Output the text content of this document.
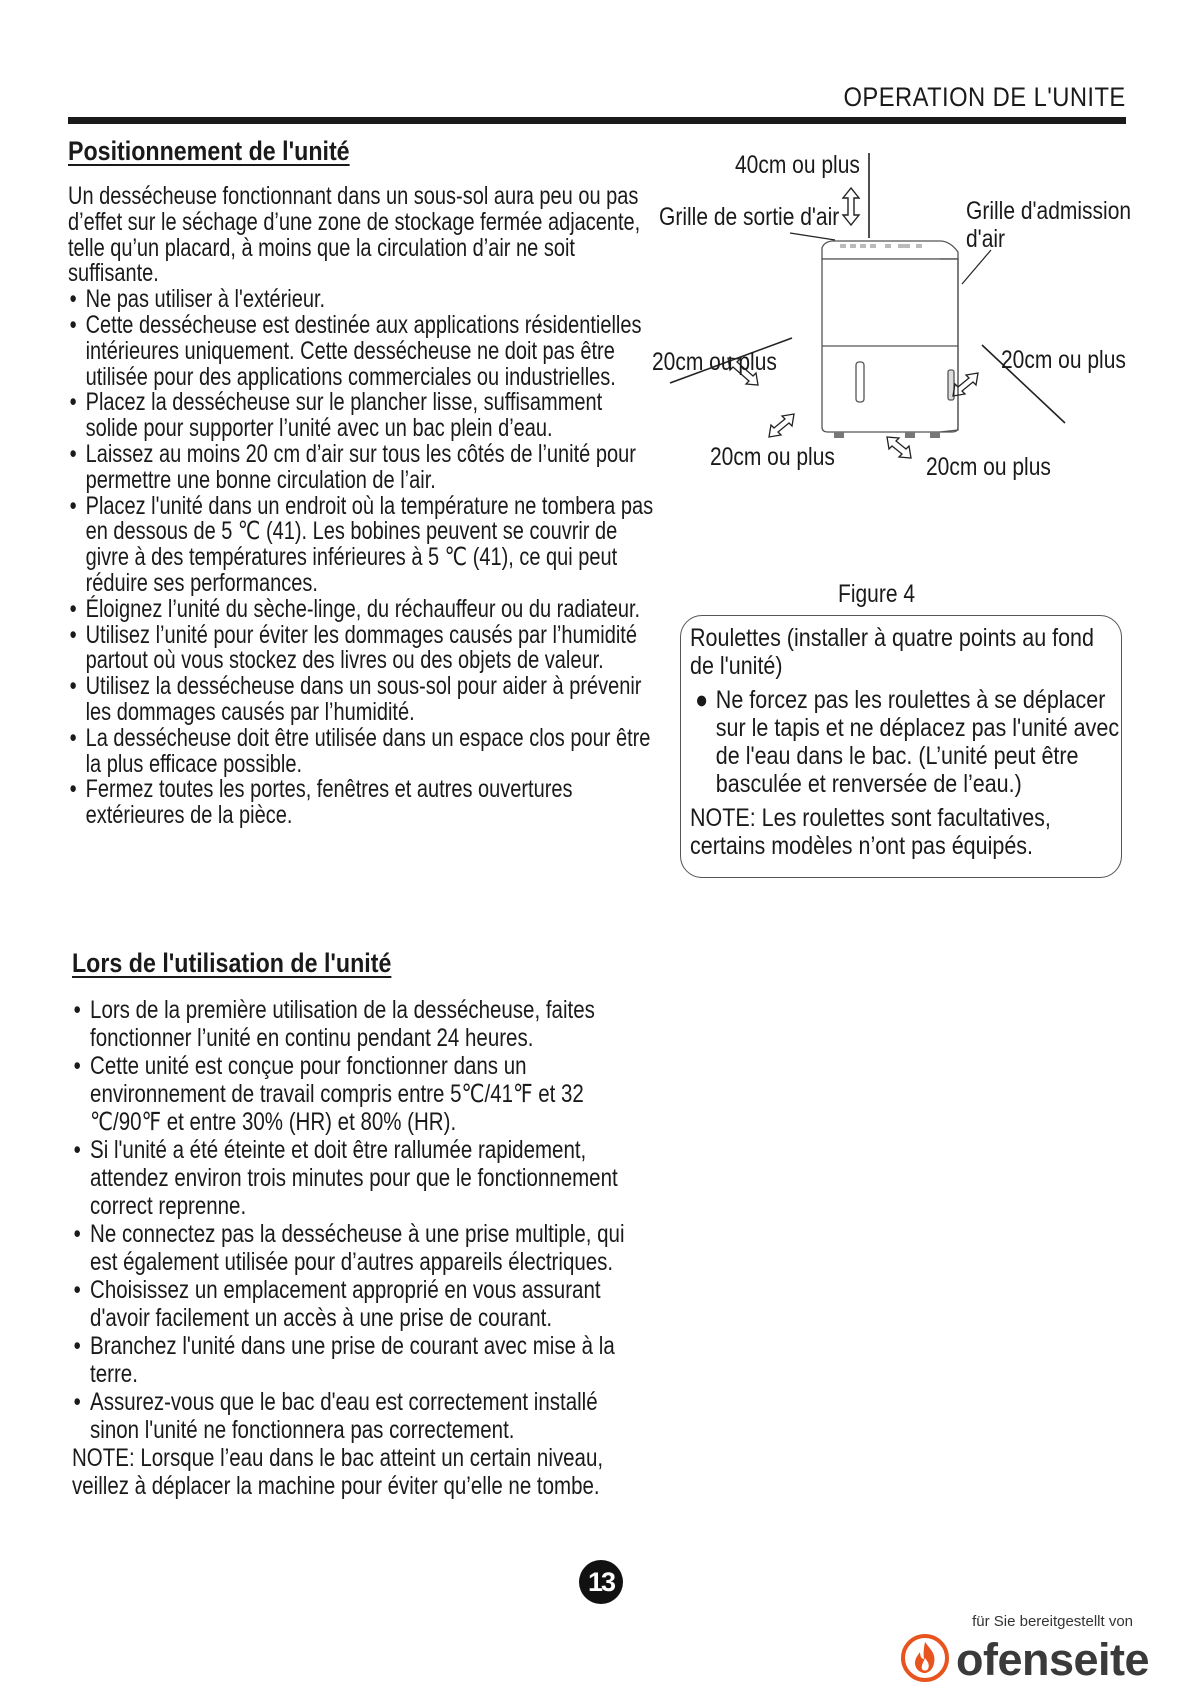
OPERATION DE L'UNITE
Positionnement de l'unité
Un dessécheuse fonctionnant dans un sous-sol aura peu ou pas
d’effet sur le séchage d’une zone de stockage fermée adjacente,
telle qu’un placard, à moins que la circulation d’air ne soit
suffisante.
• Ne pas utiliser à l'extérieur.
• Cette dessécheuse est destinée aux applications résidentielles
intérieures uniquement. Cette dessécheuse ne doit pas être
utilisée pour des applications commerciales ou industrielles.
• Placez la dessécheuse sur le plancher lisse, suffisamment
solide pour supporter l’unité avec un bac plein d’eau.
• Laissez au moins 20 cm d’air sur tous les côtés de l’unité pour
permettre une bonne circulation de l’air.
• Placez l'unité dans un endroit où la température ne tombera pas
en dessous de 5 ℃ (41). Les bobines peuvent se couvrir de
givre à des températures inférieures à 5 ℃ (41), ce qui peut
réduire ses performances.
• Éloignez l’unité du sèche-linge, du réchauffeur ou du radiateur.
• Utilisez l’unité pour éviter les dommages causés par l’humidité
partout où vous stockez des livres ou des objets de valeur.
• Utilisez la dessécheuse dans un sous-sol pour aider à prévenir
les dommages causés par l’humidité.
• La dessécheuse doit être utilisée dans un espace clos pour être
la plus efficace possible.
• Fermez toutes les portes, fenêtres et autres ouvertures
extérieures de la pièce.
40cm ou plus
Grille de sortie d'air	Grille d'admission
d'air
20cm ou plus	20cm ou plus
20cm ou plus	20cm ou plus
Figure 4
Roulettes (installer à quatre points au fond
de l'unité)
● Ne forcez pas les roulettes à se déplacer
sur le tapis et ne déplacez pas l'unité avec
de l'eau dans le bac. (L’unité peut être
basculée et renversée de l’eau.)
NOTE: Les roulettes sont facultatives,
certains modèles n’ont pas équipés.
Lors de l'utilisation de l'unité
• Lors de la première utilisation de la dessécheuse, faites
fonctionner l’unité en continu pendant 24 heures.
• Cette unité est conçue pour fonctionner dans un
environnement de travail compris entre 5℃/41℉ et 32
℃/90℉ et entre 30% (HR) et 80% (HR).
• Si l'unité a été éteinte et doit être rallumée rapidement,
attendez environ trois minutes pour que le fonctionnement
correct reprenne.
• Ne connectez pas la dessécheuse à une prise multiple, qui
est également utilisée pour d’autres appareils électriques.
• Choisissez un emplacement approprié en vous assurant
d'avoir facilement un accès à une prise de courant.
• Branchez l'unité dans une prise de courant avec mise à la
terre.
• Assurez-vous que le bac d'eau est correctement installé
sinon l'unité ne fonctionnera pas correctement.
NOTE: Lorsque l’eau dans le bac atteint un certain niveau,
veillez à déplacer la machine pour éviter qu’elle ne tombe.
13
für Sie bereitgestellt von
ofenseite
